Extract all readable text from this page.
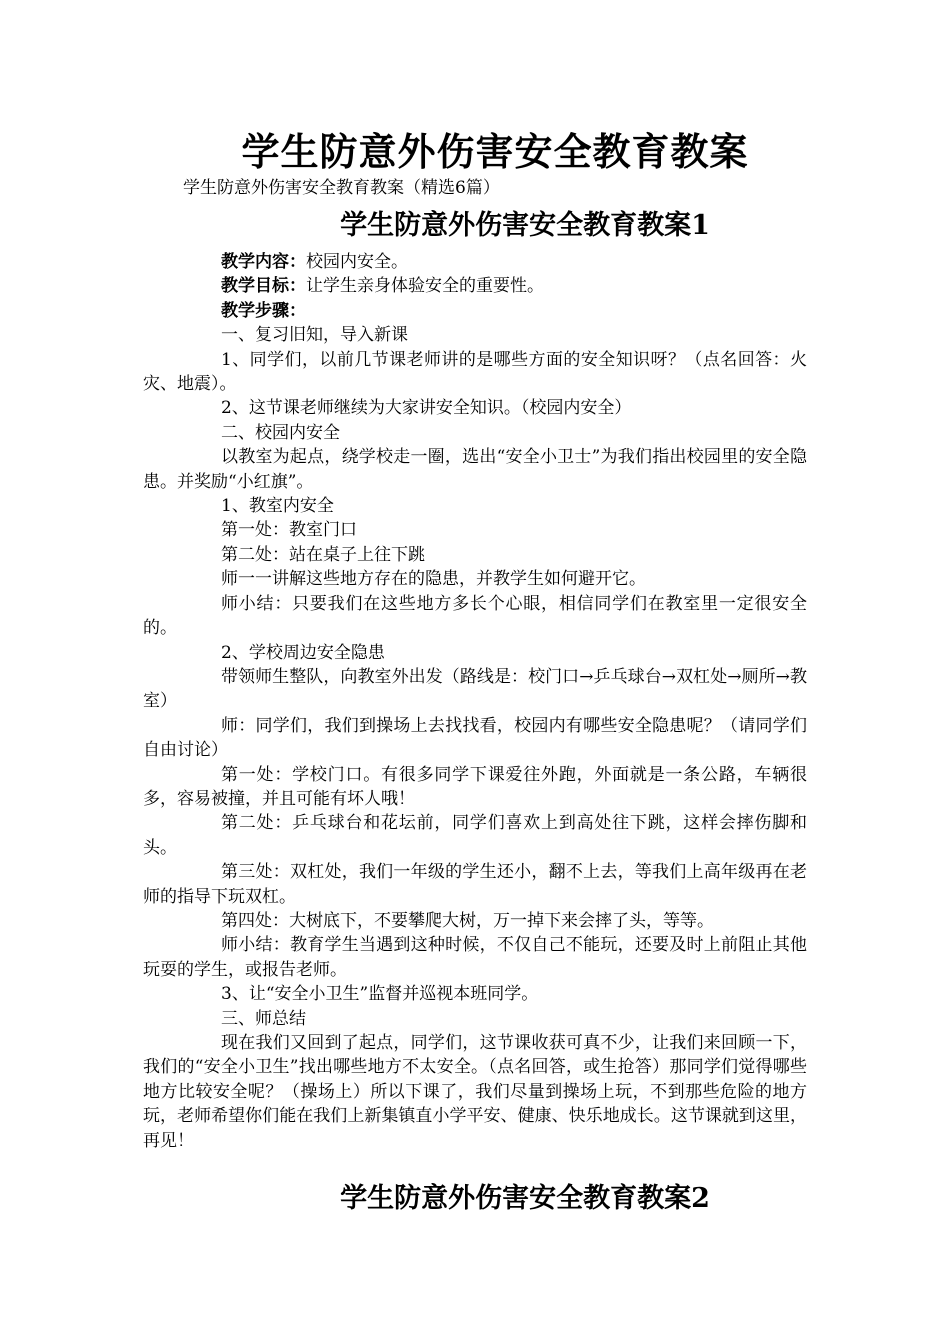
学生防意外伤害安全教育教案
学生防意外伤害安全教育教案（精选6篇）
学生防意外伤害安全教育教案1

教学内容：校园内安全。

教学目标：让学生亲身体验安全的重要性。

教学步骤：

一、复习旧知，导入新课

1、同学们，以前几节课老师讲的是哪些方面的安全知识呀？（点名回答：火灾、地震）。

2、这节课老师继续为大家讲安全知识。（校园内安全）

二、校园内安全

以教室为起点，绕学校走一圈，选出“安全小卫士”为我们指出校园里的安全隐患。并奖励“小红旗”。

1、教室内安全

第一处：教室门口

第二处：站在桌子上往下跳

师一一讲解这些地方存在的隐患，并教学生如何避开它。

师小结：只要我们在这些地方多长个心眼，相信同学们在教室里一定很安全的。

2、学校周边安全隐患

带领师生整队，向教室外出发（路线是：校门口→乒乓球台→双杠处→厕所→教室）

师：同学们，我们到操场上去找找看，校园内有哪些安全隐患呢？（请同学们自由讨论）

第一处：学校门口。有很多同学下课爱往外跑，外面就是一条公路，车辆很多，容易被撞，并且可能有坏人哦！

第二处：乒乓球台和花坛前，同学们喜欢上到高处往下跳，这样会摔伤脚和头。

第三处：双杠处，我们一年级的学生还小，翻不上去，等我们上高年级再在老师的指导下玩双杠。

第四处：大树底下，不要攀爬大树，万一掉下来会摔了头，等等。

师小结：教育学生当遇到这种时候，不仅自己不能玩，还要及时上前阻止其他玩耍的学生，或报告老师。

3、让“安全小卫生”监督并巡视本班同学。

三、师总结

现在我们又回到了起点，同学们，这节课收获可真不少，让我们来回顾一下，我们的“安全小卫生”找出哪些地方不太安全。（点名回答，或生抢答）那同学们觉得哪些地方比较安全呢？（操场上）所以下课了，我们尽量到操场上玩，不到那些危险的地方玩，老师希望你们能在我们上新集镇直小学平安、健康、快乐地成长。这节课就到这里，再见！

学生防意外伤害安全教育教案2
